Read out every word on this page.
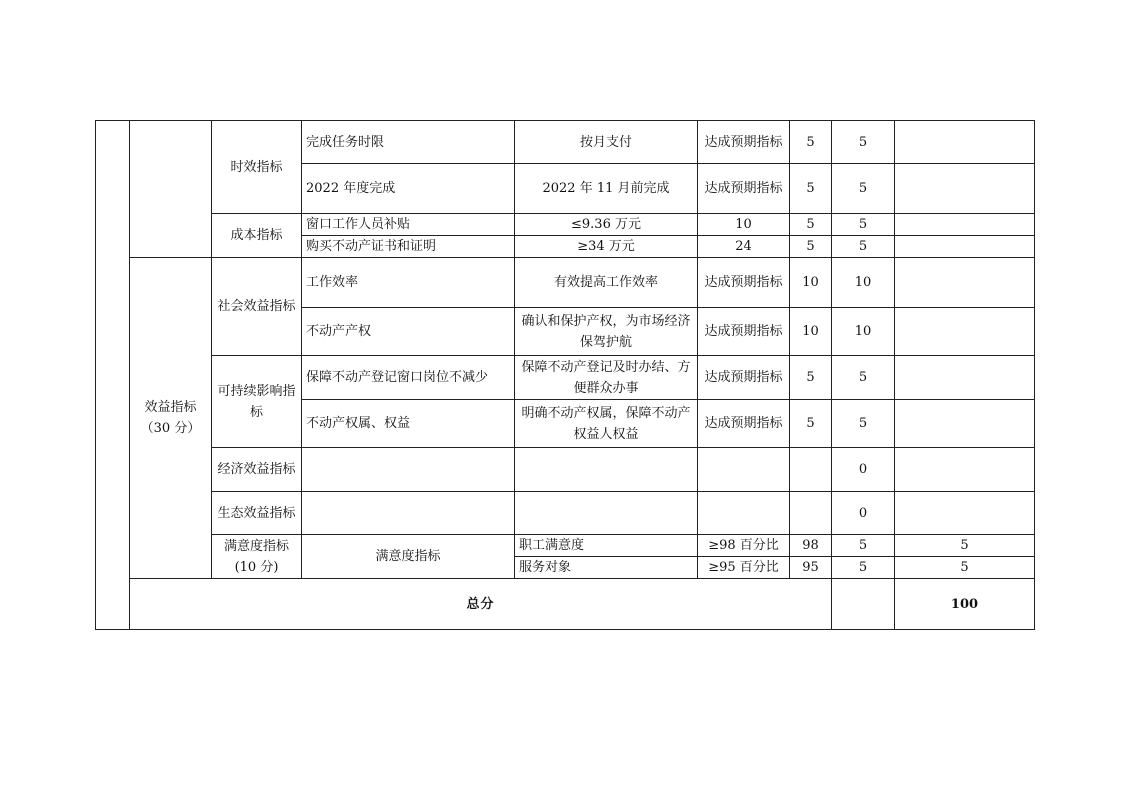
		时效指标	完成任务时限	按月支付	达成预期指标	5	5		
			2022 年度完成	2022 年 11 月前完成	达成预期指标	5	5		
		成本指标	窗口工作人员补贴	≤9.36 万元	10	5	5		
			购买不动产证书和证明	≥34 万元	24	5	5		
	效益指标（30 分）	社会效益指标	工作效率	有效提高工作效率	达成预期指标	10	10		
			不动产产权	确认和保护产权，为市场经济保驾护航	达成预期指标	10	10		
		可持续影响指标	保障不动产登记窗口岗位不减少	保障不动产登记及时办结、方便群众办事	达成预期指标	5	5		
			不动产权属、权益	明确不动产权属，保障不动产权益人权益	达成预期指标	5	5		
		经济效益指标					0		
		生态效益指标					0		
		满意度指标(10 分)	满意度指标	职工满意度	≥98 百分比	98	5	5	
				服务对象	≥95 百分比	95	5	5	
	总分							100		
